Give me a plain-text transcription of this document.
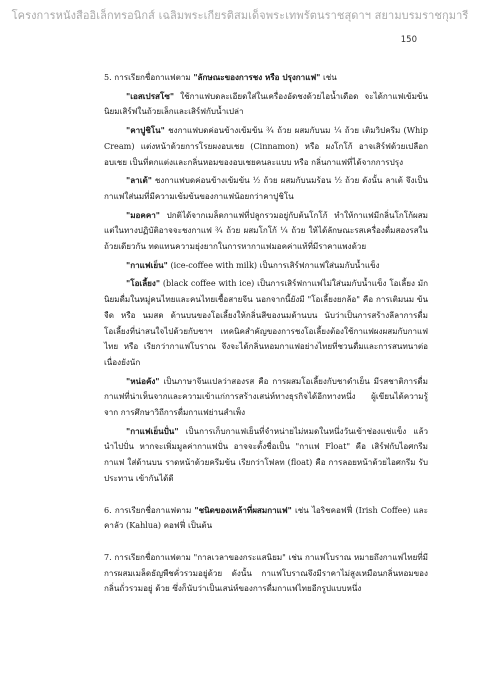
โครงการหนังสืออิเล็กทรอนิกส์ เฉลิมพระเกียรติสมเด็จพระเทพรัตนราชสุดาฯ สยามบรมราชกุมารี
150

5. การเรียกชื่อกาแฟตาม "ลักษณะของการชง หรือ ปรุงกาแฟ" เช่น

"เอสเปรสโซ" ใช้กาแฟบดละเอียดใส่ในเครื่องอัดชงด้วยไอน้ำเดือด จะได้กาแฟเข้มข้น นิยมเสิร์ฟในถ้วยเล็กและเสิร์ฟกับน้ำเปล่า

"คาปูชิโน" ชงกาแฟบดค่อนข้างเข้มข้น ¾ ถ้วย ผสมกับนม ¼ ถ้วย เติมวิปครีม (Whip Cream) แต่งหน้าด้วยการโรยผงอบเชย (Cinnamon) หรือ ผงโกโก้ อาจเสิร์ฟด้วยเปลือกอบเชย เป็นที่ตกแต่งและกลิ่นหอมของอบเชยคนละแบบ หรือ กลิ่นกาแฟที่ได้จากการปรุง

"ลาเต้" ชงกาแฟบดค่อนข้างเข้มข้น ½ ถ้วย ผสมกับนมร้อน ½ ถ้วย ดังนั้น ลาเต้ จึงเป็นกาแฟใส่นมที่มีความเข้มข้นของกาแฟน้อยกว่าคาปูชิโน

"มอคคา" ปกติได้จากเมล็ดกาแฟที่ปลูกรวมอยู่กับต้นโกโก้ ทำให้กาแฟมีกลิ่นโกโก้ผสม แต่ในทางปฏิบัติอาจจะชงกาแฟ ¾ ถ้วย ผสมโกโก้ ¼ ถ้วย ให้ได้ลักษณะรสเครื่องดื่มสองรสใน ถ้วยเดียวกัน ทดแทนความยุ่งยากในการหากาแฟมอคค่าแท้ที่มีราคาแพงด้วย

"กาแฟเย็น" (ice-coffee with milk) เป็นการเสิร์ฟกาแฟใส่นมกับน้ำแข็ง

"โอเลี้ยง" (black coffee with ice) เป็นการเสิร์ฟกาแฟไม่ใส่นมกับน้ำแข็ง โอเลี้ยง มักนิยมดื่มในหมู่คนไทยและคนไทยเชื้อสายจีน นอกจากนี้ยังมี "โอเลี้ยงยกล้อ" คือ การเติมนม ข้นจืด หรือ นมสด ด้านบนของโอเลี้ยงให้กลิ่นสีของนมด้านบน นับว่าเป็นการสร้างลีลาการดื่ม โอเลี้ยงที่น่าสนใจไปด้วยกับชาฯ เทคนิคสำคัญของการชงโอเลี้ยงต้องใช้กาแฟผงผสมกับกาแฟไทย หรือ เรียกว่ากาแฟโบราณ จึงจะได้กลิ่นหอมกาแฟอย่างไทยที่ชวนดื่มและการสนทนาต่อเนื่องยังนัก

"หน่อคัง" เป็นภาษาจีนแปลว่าสองรส คือ การผสมโอเลี้ยงกับชาดำเย็น มีรสชาติการดื่ม กาแฟที่น่าเห็นจากและความเข้าแก่การสร้างเสน่ห์ทางธุรกิจได้อีกทางหนึ่ง ผู้เขียนได้ความรู้จาก การศึกษาวิถีการดื่มกาแฟย่านสำเพ็ง

"กาแฟเย็นปั่น" เป็นการเก็บกาแฟเย็นที่จำหน่ายไม่หมดในหนึ่งวันเข้าช่องแช่แข็ง แล้ว นำไปปั่น หากจะเพิ่มมูลค่ากาแฟปั่น อาจจะตั้งชื่อเป็น "กาแฟ Float" คือ เสิร์ฟกับไอศกรีมกาแฟ ใส่ด้านบน ราดหน้าด้วยครีมข้น เรียกว่าโฟลท (float) คือ การลอยหน้าด้วยไอศกรีม รับประทาน เข้ากันได้ดี

6. การเรียกชื่อกาแฟตาม "ชนิดของเหล้าที่ผสมกาแฟ" เช่น ไอริชคอฟฟี่ (Irish Coffee) และคาลัว (Kahlua) คอฟฟี่ เป็นต้น

7. การเรียกชื่อกาแฟตาม "กาลเวลาของกระแสนิยม" เช่น กาแฟโบราณ หมายถึงกาแฟไทยที่มี การผสมเมล็ดธัญพืชคั่วรวมอยู่ด้วย ดังนั้น กาแฟโบราณจึงมีราคาไม่สูงเหมือนกลิ่นหอมของกลิ่นถั่วรวมอยู่ ด้วย ซึ่งก็นับว่าเป็นเสน่ห์ของการดื่มกาแฟไทยอีกรูปแบบหนึ่ง
